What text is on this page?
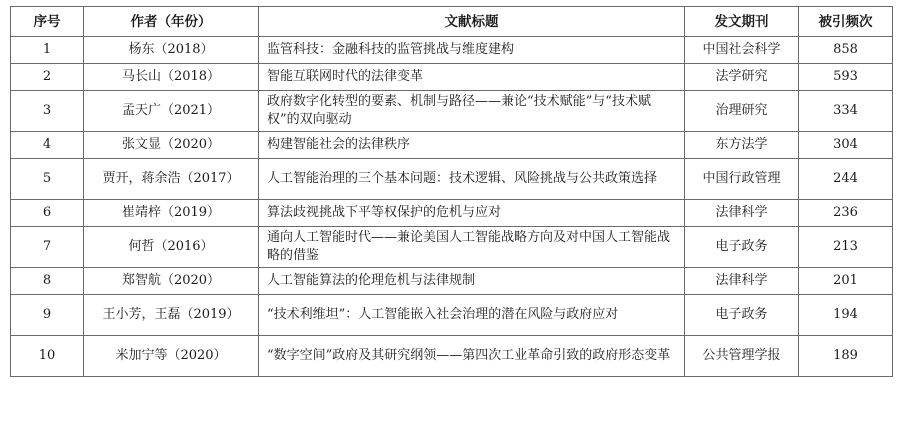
序号	作者（年份）	文献标题	发文期刊	被引频次
1	杨东（2018）	监管科技：金融科技的监管挑战与维度建构	中国社会科学	858
2	马长山（2018）	智能互联网时代的法律变革	法学研究	593
3	孟天广（2021）	政府数字化转型的要素、机制与路径——兼论“技术赋能”与“技术赋权”的双向驱动	治理研究	334
4	张文显（2020）	构建智能社会的法律秩序	东方法学	304
5	贾开，蒋余浩（2017）	人工智能治理的三个基本问题：技术逻辑、风险挑战与公共政策选择	中国行政管理	244
6	崔靖梓（2019）	算法歧视挑战下平等权保护的危机与应对	法律科学	236
7	何哲（2016）	通向人工智能时代——兼论美国人工智能战略方向及对中国人工智能战略的借鉴	电子政务	213
8	郑智航（2020）	人工智能算法的伦理危机与法律规制	法律科学	201
9	王小芳，王磊（2019）	“技术利维坦”：人工智能嵌入社会治理的潜在风险与政府应对	电子政务	194
10	米加宁等（2020）	“数字空间”政府及其研究纲领——第四次工业革命引致的政府形态变革	公共管理学报	189
